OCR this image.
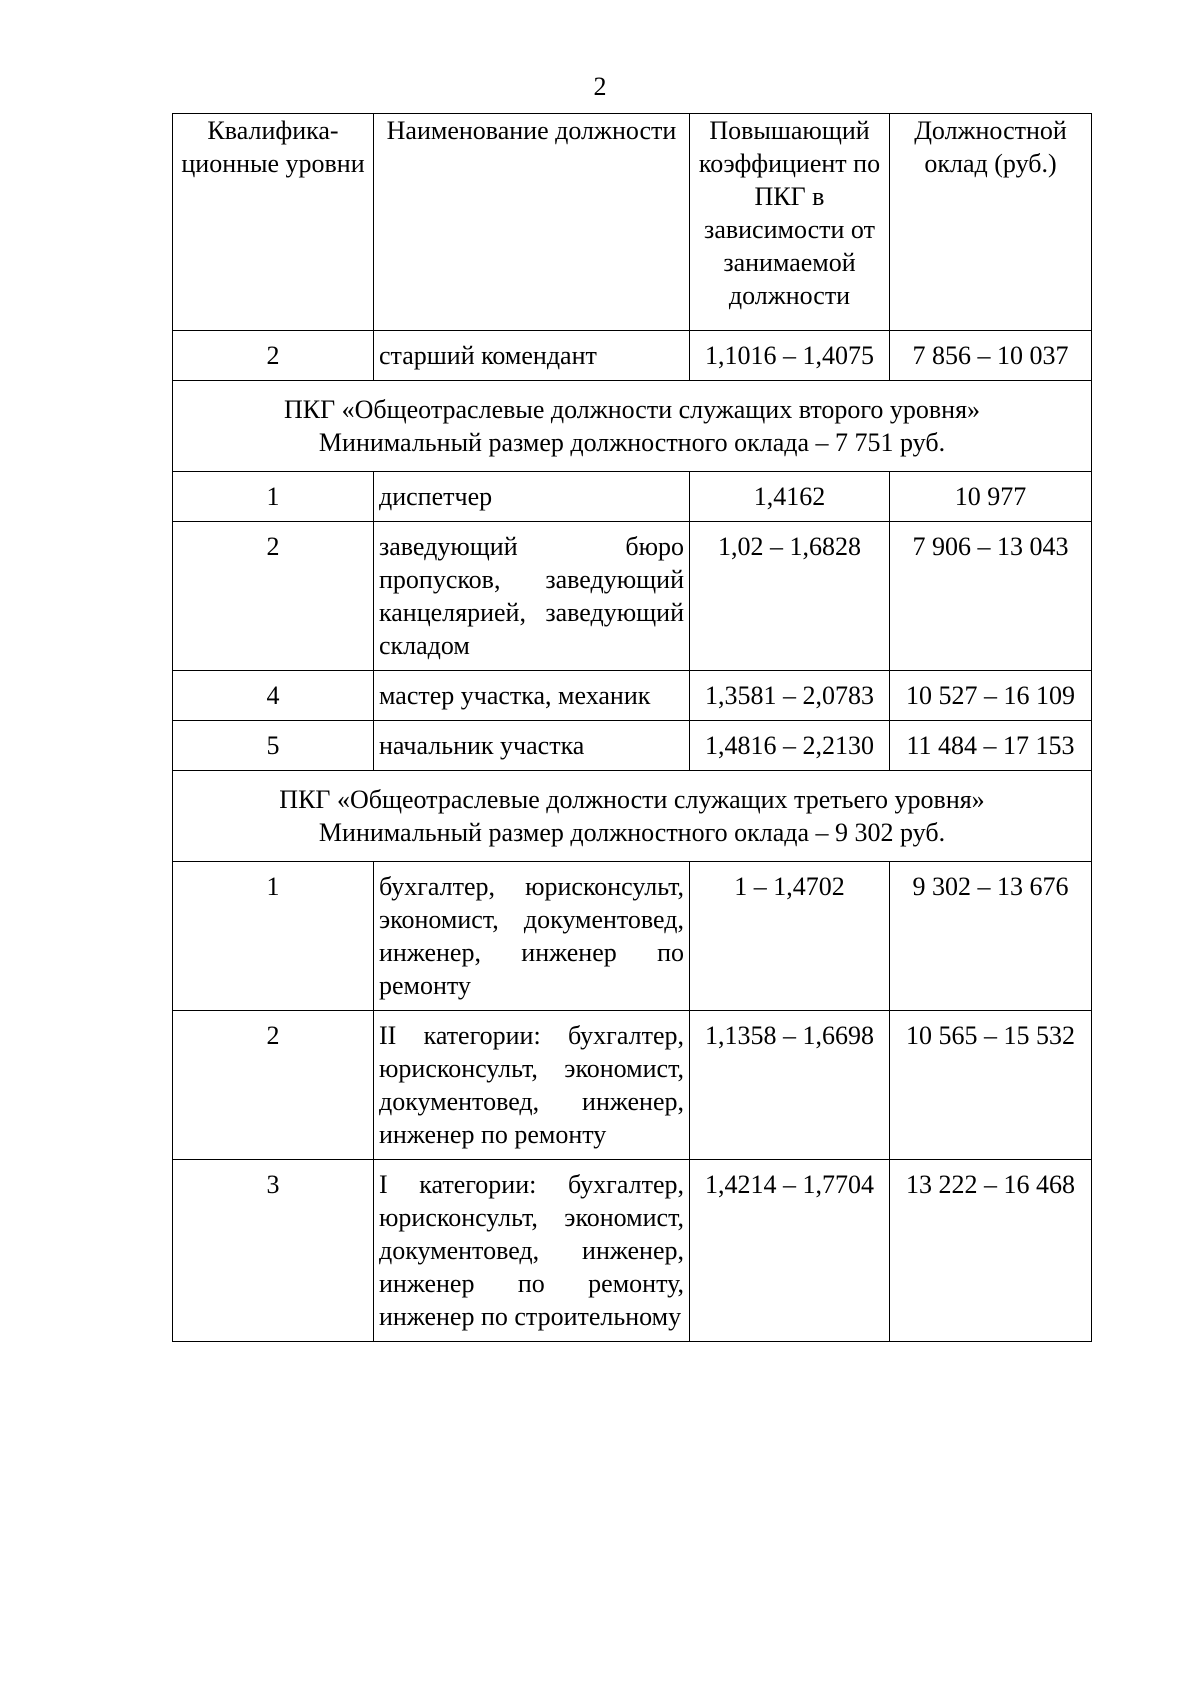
2
Квалифика-ционные уровни	Наименование должности	Повышающий коэффициент по ПКГ в зависимости от занимаемой должности	Должностной оклад (руб.)
2	старший комендант	1,1016 – 1,4075	7 856 – 10 037

ПКГ «Общеотраслевые должности служащих второго уровня»
Минимальный размер должностного оклада – 7 751 руб.			

1	диспетчер	1,4162	10 977
2	заведующий бюро пропусков, заведующий канцелярией, заведующий складом	1,02 – 1,6828	7 906 – 13 043
4	мастер участка, механик	1,3581 – 2,0783	10 527 – 16 109
5	начальник участка	1,4816 – 2,2130	11 484 – 17 153

ПКГ «Общеотраслевые должности служащих третьего уровня»
Минимальный размер должностного оклада – 9 302 руб.			

1	бухгалтер, юрисконсульт, экономист, документовед, инженер, инженер по ремонту	1 – 1,4702	9 302 – 13 676
2	II категории: бухгалтер, юрисконсульт, экономист, документовед, инженер, инженер по ремонту	1,1358 – 1,6698	10 565 – 15 532
3	I категории: бухгалтер, юрисконсульт, экономист, документовед, инженер, инженер по ремонту, инженер по строительному	1,4214 – 1,7704	13 222 – 16 468
